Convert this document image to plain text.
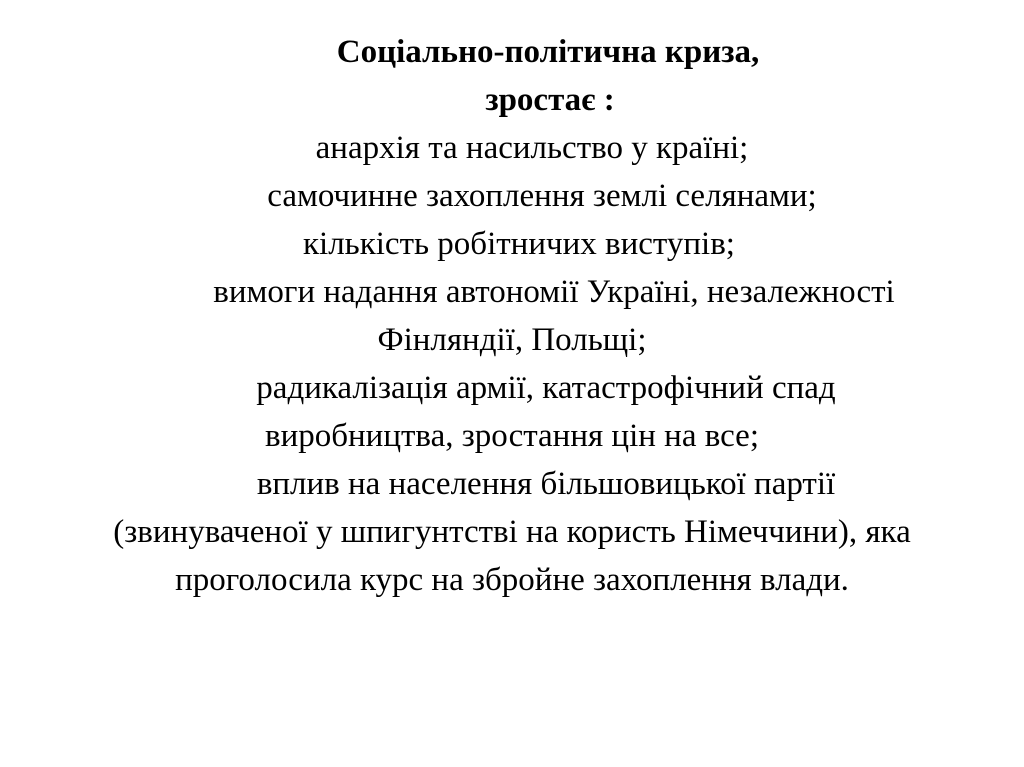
Соціально-політична криза,
зростає :
анархія та насильство у країні;
самочинне захоплення землі селянами;
кількість робітничих виступів;
вимоги надання автономії Україні, незалежності
Фінляндії, Польщі;
радикалізація армії, катастрофічний спад
виробництва, зростання цін на все;
вплив на населення більшовицької партії
(звинуваченої у шпигунтстві на користь Німеччини), яка
проголосила курс на збройне захоплення влади.
